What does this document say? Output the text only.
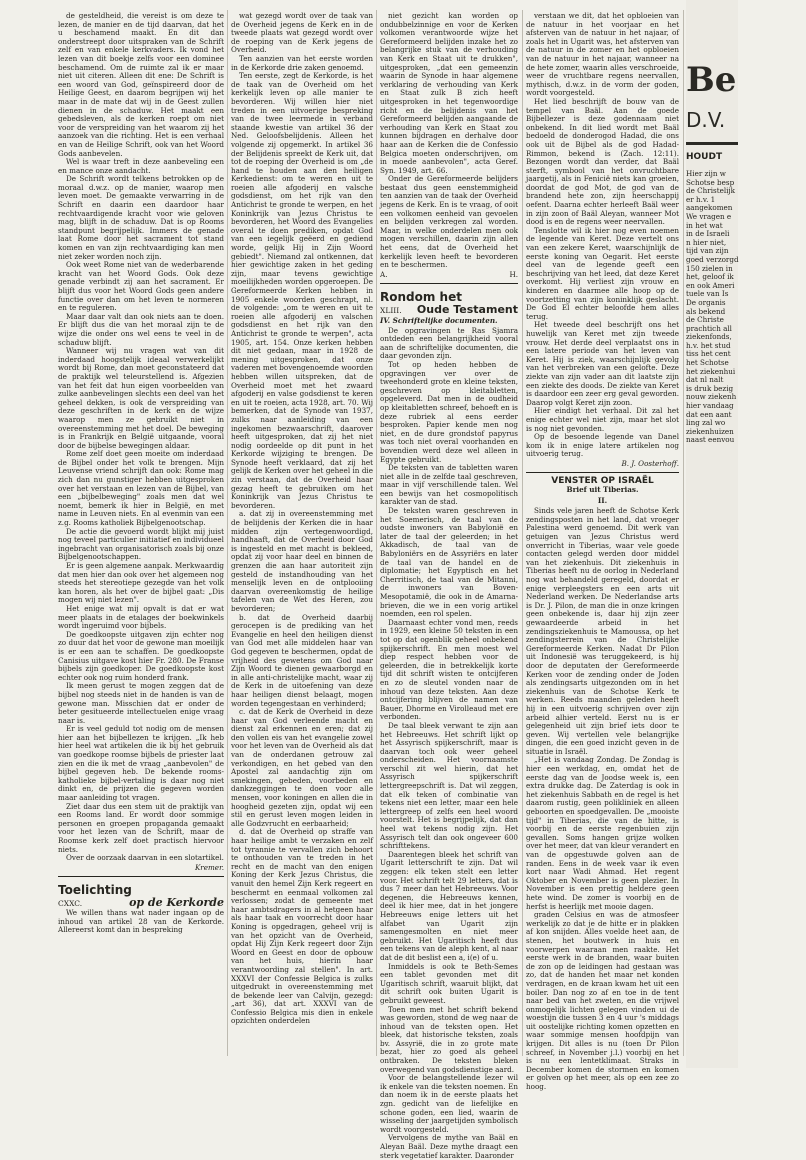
de gesteldheid, die vereist is om deze te lezen, de manier en de tijd daarvan, dat het u beschamend maakt. En dit dan onderstreept door uitspraken van de Schrift zelf en van enkele kerkvaders. Ik vond het lezen van dit boekje zelfs voor een dominee beschamend. Om de ruimte zal ik er maar niet uit citeren. Alleen dit ene: De Schrift is een woord van God, geïnspireerd door de Heilige Geest, en daarom begrijpen wij het maar in de mate dat wij in de Geest zullen dienen in de schaduw. Het maakt een gebedsleven, als de kerken roept om niet voor de verspreiding van het waarom zij het aanzoek van die richting. Het is een verhaal en van de Heilige Schrift, ook van het Woord Gods aanbevelen.

Wel is waar treft in deze aanbeveling een en mance onze aandacht.

De Schrift wordt telkens betrokken op de moraal d.w.z. op de manier, waarop men leven moet. De gemaakte verwarring in de Schrift en daarin een daardoor haar rechtvaardigende kracht voor wie geloven mag, blijft in de schaduw. Dat is op Rooms standpunt begrijpelijk. Immers de genade laat Rome door het sacrament tot stand komen en van zijn rechtvaardiging kan men niet zeker worden noch zijn.

Ook weet Rome niet van de wederbarende kracht van het Woord Gods. Ook deze genade verbindt zij aan het sacrament. Er blijft dus voor het Woord Gods geen andere functie over dan om het leven te normeren en te reguleren.

Maar daar valt dan ook niets aan te doen. Er blijft dus die van het moraal zijn te de wijze die onder ons wel eens te veel in de schaduw blijft.

Wanneer wij nu vragen wat van dit inderdaad hoogstelijk ideaal verwerkelijkt wordt bij Rome, dan moet geconstateerd dat de praktijk wel teleurstellend is. Afgezien van het feit dat hun eigen voorbeelden van zulke aanbevelingen slechts een deel van het geheel dekken, is ook de verspreiding van deze geschriften in de kerk en de wijze waarop men ze gebruikt niet in overeenstemming met het doel. De beweging is in Frankrijk en België uitgaande, vooral door de bijbelse bewegingen aldaar.

Rome zelf doet geen moeite om inderdaad de Bijbel onder het volk te brengen. Mijn Leuvense vriend schrijft dan ook: Rome mag zich dan nu gunstiger hebben uitgesproken over het verstaan en lezen van de Bijbel, van een „bijbelbeweging" zoals men dat wel noemt, bemerk ik hier in België, en met name in Leuven niets. En al evenmin van een z.g. Rooms katholiek Bijbelgenootschap.

De actie die gevoerd wordt blijkt mij juist nog teveel particulier initiatief en individueel ingebracht van organisatorisch zoals bij onze Bijbelgenootschappen.

Er is geen algemene aanpak. Merkwaardig dat men hier dan ook over het algemeen nog steeds het stereotiepe gezegde van het volk kan horen, als het over de bijbel gaat: „Dis mogen wij niet lezen".

Het enige wat mij opvalt is dat er wat meer plaats in de etalages der boekwinkels wordt ingeruimd voor bijbels.

De goedkoopste uitgaven zijn echter nog zo duur dat het voor de gewone man moeilijk is er een aan te schaffen. De goedkoopste Canisius uitgave kost hier Fr. 280. De Franse bijbels zijn goedkoper. De goedkoopste kost echter ook nog ruim honderd frank.

Ik meen gerust te mogen zeggen dat de bijbel nog steeds niet in de handen is van de gewone man. Misschien dat er onder de beter gesitueerde intellectuelen enige vraag naar is.

Er is veel geduld tot nodig om de mensen hier aan het bijbellezen te krijgen. „Ik heb hier heel wat artikelen die ik bij het gebruik van goedkope roomse bijbels de priester laat zien en die ik met de vraag „aanbevolen" de bijbel gegeven heb. De bekende rooms-katholieke bijbel-vertaling is daar nog niet dinkt en, de prijzen die gegeven worden maar aanleiding tot vragen.

Ziet daar dus een stem uit de praktijk van een Rooms land. Er wordt door sommige personen en groepen propaganda gemaakt voor het lezen van de Schrift, maar de Roomse kerk zelf doet practisch hiervoor niets.

Over de oorzaak daarvan in een slotartikel.

Kremer.
Toelichting
CXXC.	op de Kerkorde

We willen thans wat nader ingaan op de inhoud van artikel 28 van de Kerkorde. Allereerst komt dan in bespreking

wat gezegd wordt over de taak van de Overheid jegens de Kerk en in de tweede plaats wat gezegd wordt over de roeping van de Kerk jegens de Overheid.

Ten aanzien van het eerste worden in de Kerkorde drie zaken genoemd.

Ten eerste, zegt de Kerkorde, is het de taak van de Overheid om het kerkelijk leven op alle manier te bevorderen. Wij willen hier niet treden in een uitvoerige bespreking van de twee leermede in verband staande kwestie van artikel 36 der Ned. Geloofsbelijdenis. Alleen het volgende zij opgemerkt. In artikel 36 der Belijdenis spreekt de Kerk uit, dat tot de roeping der Overheid is om „de hand te houden aan den heiligen Kerkedienst: om te weren en uit te roeien alle afgoderij en valsche godsdienst, om het rijk van den Antichrist te gronde te werpen, en het Koninkrijk van Jezus Christus te bevorderen, het Woord des Evangelies overal te doen prediken, opdat God van een iegelijk geëerd en gediend worde, gelijk Hij in Zijn Woord gebiedt". Niemand zal ontkennen, dat hier gewichtige zaken in het geding zijn, maar tevens gewichtige moeilijkheden worden opgeroepen. De Gereformeerde Kerken hebben in 1905 enkele woorden geschrapt, nl. de volgende: „om te weren en uit te roeien alle afgoderij en valschen godsdienst en het rijk van den Antichrist te gronde te werpen", acta 1905, art. 154. Onze kerken hebben dit niet gedaan, maar in 1928 de mening uitgesproken, dat onze vaderen met bovengenoemde woorden hebben willen uitspreken, dat de Overheid moet met het zwaard afgoderij en valse godsdienst te keren en uit te roeien, acta 1928, art. 70. Wij bemerken, dat de Synode van 1937, zulks naar aanleiding van een ingekomen bezwaarschrift, daarover heeft uitgesproken, dat zij het niet nodig oordeelde op dit punt in het Kerkorde wijziging te brengen. De Synode heeft verklaard, dat zij het gelijk de Kerken over het geheel in die zin verstaan, dat de Overheid haar gezag heeft te gebruiken om het Koninkrijk van Jezus Christus te bevorderen.

a. dat zij in overeenstemming met de belijdenis der Kerken die in haar midden zijn vertegenwoordigd, handhaaft, dat de Overheid door God is ingesteld en met macht is bekleed, opdat zij voor haar deel en binnen de grenzen die aan haar autoriteit zijn gesteld de instandhouding van het menselijk leven en de ontplooiing daarvan overeenkomstig de heilige tafelen van de Wet des Heren, zou bevorderen;

b. dat de Overheid daarbij gerocepen is de prediking van het Evangelie en heel den heiligen dienst van God met alle middelen haar van God gegeven te beschermen, opdat de vrijheid des gewetens om God naar Zijn Woord te dienen gewaarborgd en in alle anti-christelijke macht, waar zij de Kerk in de uitoefening van deze haar heiligen dienst belaagt, mogen worden tegengestaan en verhinderd;

c. dat de Kerk de Overheid in deze haar van God verleende macht en dienst zal erkennen en eren; dat zij den vollen eis van het evangelie zowel voor het leven van de Overheid als dat van de onderdanen getrouw zal verkondigen, en het gebed van den Apostel zal aandachtig zijn om smekingen, gebeden, voorbeden en dankzeggingen te doen voor alle mensen, voor koningen en allen die in hoogheid gezeten zijn, opdat wij een stil en gerust leven mogen leiden in alle Godzvrucht en eerbaarheid;

d. dat de Overheid op straffe van haar heilige ambt te verzaken en zelf tot tyrannie te vervallen zich behoort te onthouden van te treden in het recht en de macht van den enigen Koning der Kerk Jezus Christus, die vanuit den hemel Zijn Kerk regeert en beschermt en eenmaal volkomen zal verlossen; zodat de gemeente met haar ambtsdragers in al hetgeen haar als haar taak en voorrecht door haar Koning is opgedragen, geheel vrij is van het opzicht van de Overheid, opdat Hij Zijn Kerk regeert door Zijn Woord en Geest en door de opbouw van het huis, hierin haar verantwoording zal stellen". In art. XXXVI der Confessie Belgica is zulks uitgedrukt in overeenstemming met de bekende leer van Calvijn, gezegd: „art 36), dat art. XXXVI van de Confessio Belgica mis dien in enkele opzichten onderdelen

niet gezicht kan worden op ondubbelzinnige en voor de Kerken volkomen verantwoorde wijze het Gereformeerd belijden inzake het zo belangrijke stuk van de verhouding van Kerk en Staat uit te drukken", uitgesproken, „dat een gemeenzin waarin de Synode in haar algemene verklaring de verhouding van Kerk en Staat zulk B zich heeft uitgesproken in het tegenwoordige richt en de belijdenis van het Gereformeerd belijden aangaande de verhouding van Kerk en Staat zou kunnen bijdragen en derhalve door haar aan de Kerken die de Confessio Belgica moeten onderschrijven, om in moede aanbevolen", acta Geref. Syn. 1949, art. 66.

Onder de Gereformeerde belijders bestaat dus geen eenstemmigheid ten aanzien van de taak der Overheid jegens de Kerk. En is te vraag, of ooit een volkomen eenheid van gevoelen en belijden verkregen zal worden. Maar, in welke onderdelen men ook mogen verschillen, daarin zijn allen het eens, dat de Overheid het kerkelijk leven heeft te bevorderen en te beschermen.

A.	H.
Rondom het
XLIII. Oude Testament
IV. Schriftelijke documenten.

De opgravingen te Ras Sjamra ontdeden een belangrijkheid vooral aan de schriftelijke documenten, die daar gevonden zijn.

Tot op heden hebben de opgravingen ver over de tweehonderd grote en kleine teksten, geschreven op kleitabletten, opgeleverd. Dat men in de oudheid op kleitabletten schreef, behoeft en is deze rubriek al eens eerder besproken. Papier kende men nog niet, en de dure grondstof papyrus was toch niet overal voorhanden en bovendien werd deze wel alleen in Egypte gebruikt.

De teksten van de tabletten waren niet alle in de zelfde taal geschreven, maar in vijf verschillende talen. Wel een bewijs van het cosmopolitisch karakter van de stad.

De teksten waren geschreven in het Soemerisch, de taal van de oudste inwoners van Babylonië en later de taal der geleerden; in het Akkadisch, de taal van de Babyloniërs en de Assyriërs en later de taal van de handel en de diplomatie; het Egyptisch en het Cherritisch, de taal van de Mitanni, de inwoners van Boven-Mesopotamië, die ook in de Amarna-brieven, die we in een vorig artikel noemden, een rol spelen.

Daarnaast echter vond men, reeds in 1929, een kleine 50 teksten in een tot op dat ogenblik geheel onbekend spijkerschrift. En men moest wel diep respect hebben voor de geleerden, die in betrekkelijk korte tijd dit schrift wisten te ontcijferen en zo de sleutel vonden naar de inhoud van deze teksten. Aan deze ontcijfering blijven de namen van Bauer, Dhorme en Virolleaud met ere verbonden.

De taal bleek verwant te zijn aan het Hebreeuws. Het schrift lijkt op het Assyrisch spijkerschrift, maar is daarvan toch ook weer geheel onderscheiden. Het voornaamste verschil zit wel hierin, dat het Assyrisch spijkerschrift lettergreepschrift is. Dat wil zeggen, dat elk teken of combinatie van tekens niet een letter, maar een hele lettergreep of zelfs een heel woord voorstelt. Het is begrijpelijk, dat dan heel wat tekens nodig zijn. Het Assyrisch telt dan ook ongeveer 600 schrifttekens.

Daarentegen bleek het schrift van Ugarit letterschrift te zijn. Dat wil zeggen: elk teken stelt een letter voor. Het schrift telt 29 letters, dat is dus 7 meer dan het Hebreeuws. Voor degenen, die Hebreeuws kennen, deel ik hier mee, dat in het jongere Hebreeuws enige letters uit het alfabet van Ugarit zijn samengesmolten en niet meer gebruikt. Het Ugaritisch heeft dus een tekens van de aleph kent, al naar dat de dit beslist een a, i(e) of u.

Inmiddels is ook te Beth-Semes een tablet gevonden met dit Ugaritisch schrift, waaruit blijkt, dat dit schrift ook buiten Ugarit is gebruikt geweest.

Toen men met het schrift bekend was geworden, stond de weg naar de inhoud van de teksten open. Het bleek, dat historische teksten, zoals bv. Assyrië, die in zo grote mate bezat, hier zo goed als geheel ontbraken. De teksten bleken overwegend van godsdienstige aard.

Voor de belangstellende lezer wil ik enkele van die teksten noemen. En dan noem ik in de eerste plaats het zgn. gedicht van de liefelijke en schone goden, een lied, waarin de wisseling der jaargetijden symbolisch wordt voorgesteld.

Vervolgens de mythe van Baäl en Aleyan Baäl. Deze mythe draagt een sterk vegetatief karakter. Daaronder

verstaan we dit, dat het opbloeien van de natuur in het voorjaar en het afsterven van de natuur in het najaar, of zoals het in Ugarit was, het afsterven van de natuur in de zomer en het opbloeien van de natuur in het najaar, wanneer na de hete zomer, waarin alles verschroeide, weer de vruchtbare regens neervallen, mythisch, d.w.z. in de vorm der goden, wordt voorgesteld.

Het lied beschrijft de bouw van de tempel van Baäl. Aan de goede Bijbellezer is deze godennaam niet onbekend. In dit lied wordt met Baäl bedoeld de donderogod Hadad, die ons ook uit de Bijbel als de god Hadad-Rimmon, bekend is (Zach. 12:11). Bezongen wordt dan verder, dat Baäl sterft, symbool van het onvruchtbare jaargetij, als in Fenicië niets kan groeien, doordat de god Mot, de god van de brandend hete zon, zijn heerschappij oefent. Daarna echter herleeft Baäl weer in zijn zoon of Baäl Aleyan, wanneer Mot dood is en de regens weer neervallen.

Tenslotte wil ik hier nog even noemen de legende van Keret. Deze vertelt ons van een zekere Keret, waarschijnlijk de eerste koning van Oegarit. Het eerste deel van de legende geeft een beschrijving van het leed, dat deze Keret overkomt. Hij verliest zijn vrouw en kinderen en daarmee alle hoop op de voortzetting van zijn koninklijk geslacht. De God El echter beloofde hem alles terug.

Het tweede deel beschrijft ons het huwelijk van Keret met zijn tweede vrouw. Het derde deel verplaatst ons in een latere periode van het leven van Keret. Hij is ziek, waarschijnlijk gevolg van het verbreken van een gelofte. Deze ziekte van zijn vader aan dit laatste zijn een ziekte des doods. De ziekte van Keret is daardoor een zeer erg geval geworden. Daarop volgt Keret zijn zoon.

Hier eindigt het verhaal. Dit zal het enige echter wel niet zijn, maar het slot is nog niet gevonden.

Op de besoende legende van Danel kom ik in enige latere artikelen nog uitvoerig terug.

B. J. Oosterhoff.
VENSTER OP ISRAËL
Brief uit Tiberias.
II.

Sinds vele jaren heeft de Schotse Kerk zendingsposten in het land, dat vroeger Palestina werd genoemd. Dit werk van getuigen van Jezus Christus werd onverricht in Tiberias, waar vele goede contacten gelegd werden door middel van het ziekenhuis. Dit ziekenhuis in Tiberias heeft nu de oorlog in Nederland nog wat behandeld geregeld, doordat er enige verpleegsters en een arts uit Nederland werken. De Nederlandse arts is Dr. J. Pilon, de man die in onze kringen geen onbekende is, daar hij zijn zeer gewaardeerde arbeid in het zendingsziekenhuis te Mamoussa, op het zendingsterrein van de Christelijke Gereformeerde Kerken. Nadat Dr Pilon uit Indonesië was teruggekeerd, is hij door de deputaten der Gereformeerde Kerken voor de zending onder de Joden als zendingsarts uitgezonden om in het ziekenhuis van de Schotse Kerk te werken. Reeds maanden geleden heeft hij in een uitvoerig schrijven over zijn arbeid alhier verteld. Eerst nu is er gelegenheid uit zijn brief iets door te geven. Wij vertellen vele belangrijke dingen, die een goed inzicht geven in de situatie in Israël.

„Het is vandaag Zondag. De Zondag is hier een werkdag, en, omdat het de eerste dag van de Joodse week is, een extra drukke dag. De Zaterdag is ook in het ziekenhuis Sabbath en de regel is het daarom rustig, geen polikliniek en alleen geboorten en spoedgevallen. De „mooiste tijd" in Tiberias, die van de hitte, is voorbij en de eerste regenbuien zijn gevallen. Soms hangen grijze wolken over het meer, dat van kleur verandert en van de opgestuwde golven aan de randen. Eens in de week vaar ik even kort naar Wadi Ahmad. Het regent Oktober en November is geen plezier. In November is een prettig heldere geen hete wind. De zomer is voorbij en de herfst is heerlijk met mooie dagen.

graden Celsius en was de atmosfeer werkelijk zo dat je de hitte er in plakken af kon snijden. Alles voelde heet aan, de stenen, het boutwerk in huis en voorwerpen waaraan men raakte. Het eerste werk in de branden, waar buiten de zon op de leidingen had gestaan was zo, dat de handen het maar net konden verdragen, en de kraan kwam het uit een boiler. Dan nog zo af en toe in de tent naar bed van het zweten, en die vrijwel onmogelijk lichten gelegen vinden ui de woestijn die tussen 3 en 4 uur 's middags uit oostelijke richting komen opzetten en waar sommige mensen hoofdpijn van krijgen. Dit alles is nu (toen Dr Pilon schreef, in November j.l.) voorbij en het is nu een lentetklimaat. Straks in December komen de stormen en komen er golven op het meer, als op een zee zo hoog.

Be
D.V.
HOUDT
Hier zijn w
Schotse besp
de Christelijk
er h.v. 1
aangekomen
We vragen e
in het wat
in de Israeli
n hier niet,
tijd van zijn
goed verzorgd
150 zielen in
het, geloof ik
en ook Ameri
tuele van Is
De organis
als bekend
de Christe
prachtich all
ziekenfonds,
h.v. het stud
tiss het cent
het Schotse
het ziekenhui
dat nl nalt
is druk bezig
nouw ziekenh
hier vandaag
dat een aant
ling zal wo
ziekenhuizen
naast eenvou
